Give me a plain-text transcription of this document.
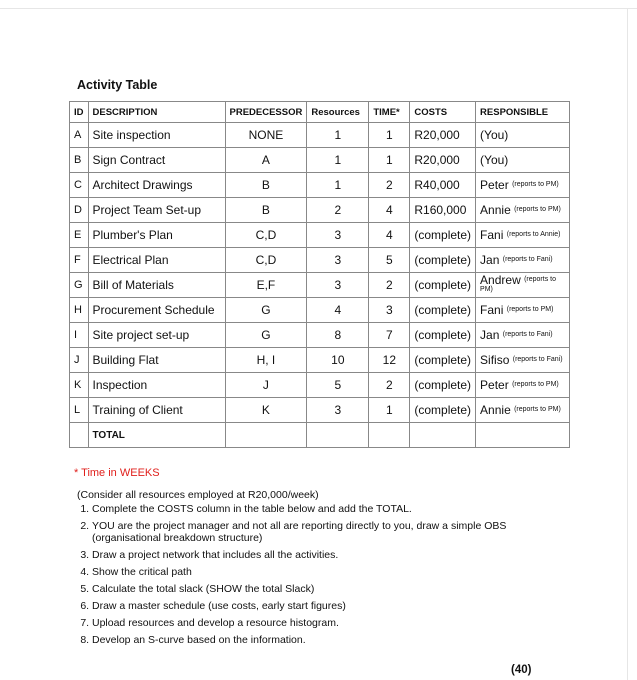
Activity Table
ID	DESCRIPTION	PREDECESSOR	Resources	TIME*	COSTS	RESPONSIBLE
A	Site inspection	NONE	1	1	R20,000	(You)
B	Sign Contract	A	1	1	R20,000	(You)
C	Architect Drawings	B	1	2	R40,000	Peter $^{(reports to PM)}$
D	Project Team Set-up	B	2	4	R160,000	Annie $^{(reports to PM)}$
E	Plumber's Plan	C,D	3	4	(complete)	Fani $^{(reports to Annie)}$
F	Electrical Plan	C,D	3	5	(complete)	Jan $^{(reports to Fani)}$
G	Bill of Materials	E,F	3	2	(complete)	Andrew $^{(reports to PM)}$
H	Procurement Schedule	G	4	3	(complete)	Fani $^{(reports to PM)}$
I	Site project set-up	G	8	7	(complete)	Jan $^{(reports to Fani)}$
J	Building Flat	H, I	10	12	(complete)	Sifiso $^{(reports to Fani)}$
K	Inspection	J	5	2	(complete)	Peter $^{(reports to PM)}$
L	Training of Client	K	3	1	(complete)	Annie $^{(reports to PM)}$
	TOTAL					
* Time in WEEKS
(Consider all resources employed at R20,000/week)
1. Complete the COSTS column in the table below and add the TOTAL.
2. YOU are the project manager and not all are reporting directly to you, draw a simple OBS (organisational breakdown structure)
3. Draw a project network that includes all the activities.
4. Show the critical path
5. Calculate the total slack (SHOW the total Slack)
6. Draw a master schedule (use costs, early start figures)
7. Upload resources and develop a resource histogram.
8. Develop an S-curve based on the information.
(40)
